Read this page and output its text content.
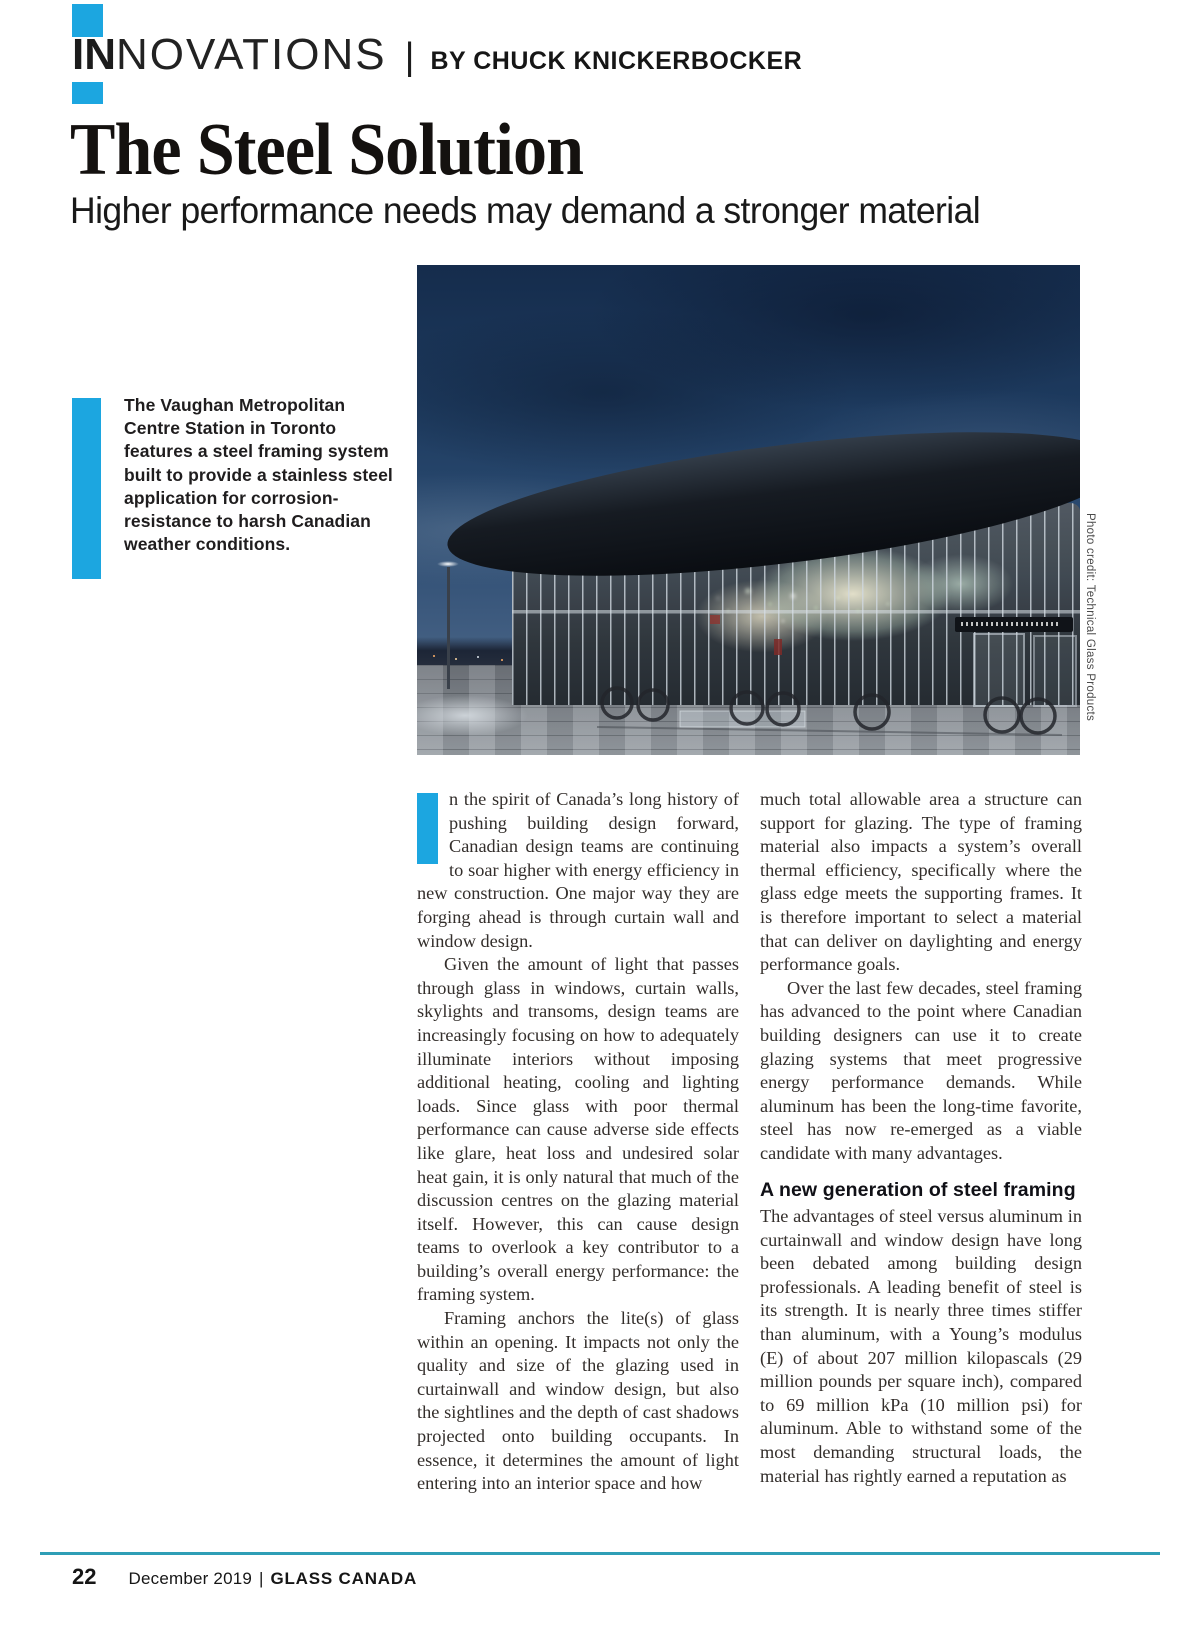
IN NOVATIONS | BY CHUCK KNICKERBOCKER
The Steel Solution
Higher performance needs may demand a stronger material
The Vaughan Metropolitan Centre Station in Toronto features a steel framing system built to provide a stainless steel application for corrosion-resistance to harsh Canadian weather conditions.	Photo credit: Technical Glass Products

n the spirit of Canada’s long history of pushing building design forward, Canadian design teams are continuing to soar higher with energy efficiency in new construction. One major way they are forging ahead is through curtain wall and window design.

Given the amount of light that passes through glass in windows, curtain walls, skylights and transoms, design teams are increasingly focusing on how to adequately illuminate interiors without imposing additional heating, cooling and lighting loads. Since glass with poor thermal performance can cause adverse side effects like glare, heat loss and undesired solar heat gain, it is only natural that much of the discussion centres on the glazing material itself. However, this can cause design teams to overlook a key contributor to a building’s overall energy performance: the framing system.

Framing anchors the lite(s) of glass within an opening. It impacts not only the quality and size of the glazing used in curtainwall and window design, but also the sightlines and the depth of cast shadows projected onto building occupants. In essence, it determines the amount of light entering into an interior space and how

much total allowable area a structure can support for glazing. The type of framing material also impacts a system’s overall thermal efficiency, specifically where the glass edge meets the supporting frames. It is therefore important to select a material that can deliver on daylighting and energy performance goals.

Over the last few decades, steel framing has advanced to the point where Canadian building designers can use it to create glazing systems that meet progressive energy performance demands. While aluminum has been the long-time favorite, steel has now re-emerged as a viable candidate with many advantages.

A new generation of steel framing

The advantages of steel versus aluminum in curtainwall and window design have long been debated among building design professionals. A leading benefit of steel is its strength. It is nearly three times stiffer than aluminum, with a Young’s modulus (E) of about 207 million kilopascals (29 million pounds per square inch), compared to 69 million kPa (10 million psi) for aluminum. Able to withstand some of the most demanding structural loads, the material has rightly earned a reputation as

22 December 2019 | GLASS CANADA
